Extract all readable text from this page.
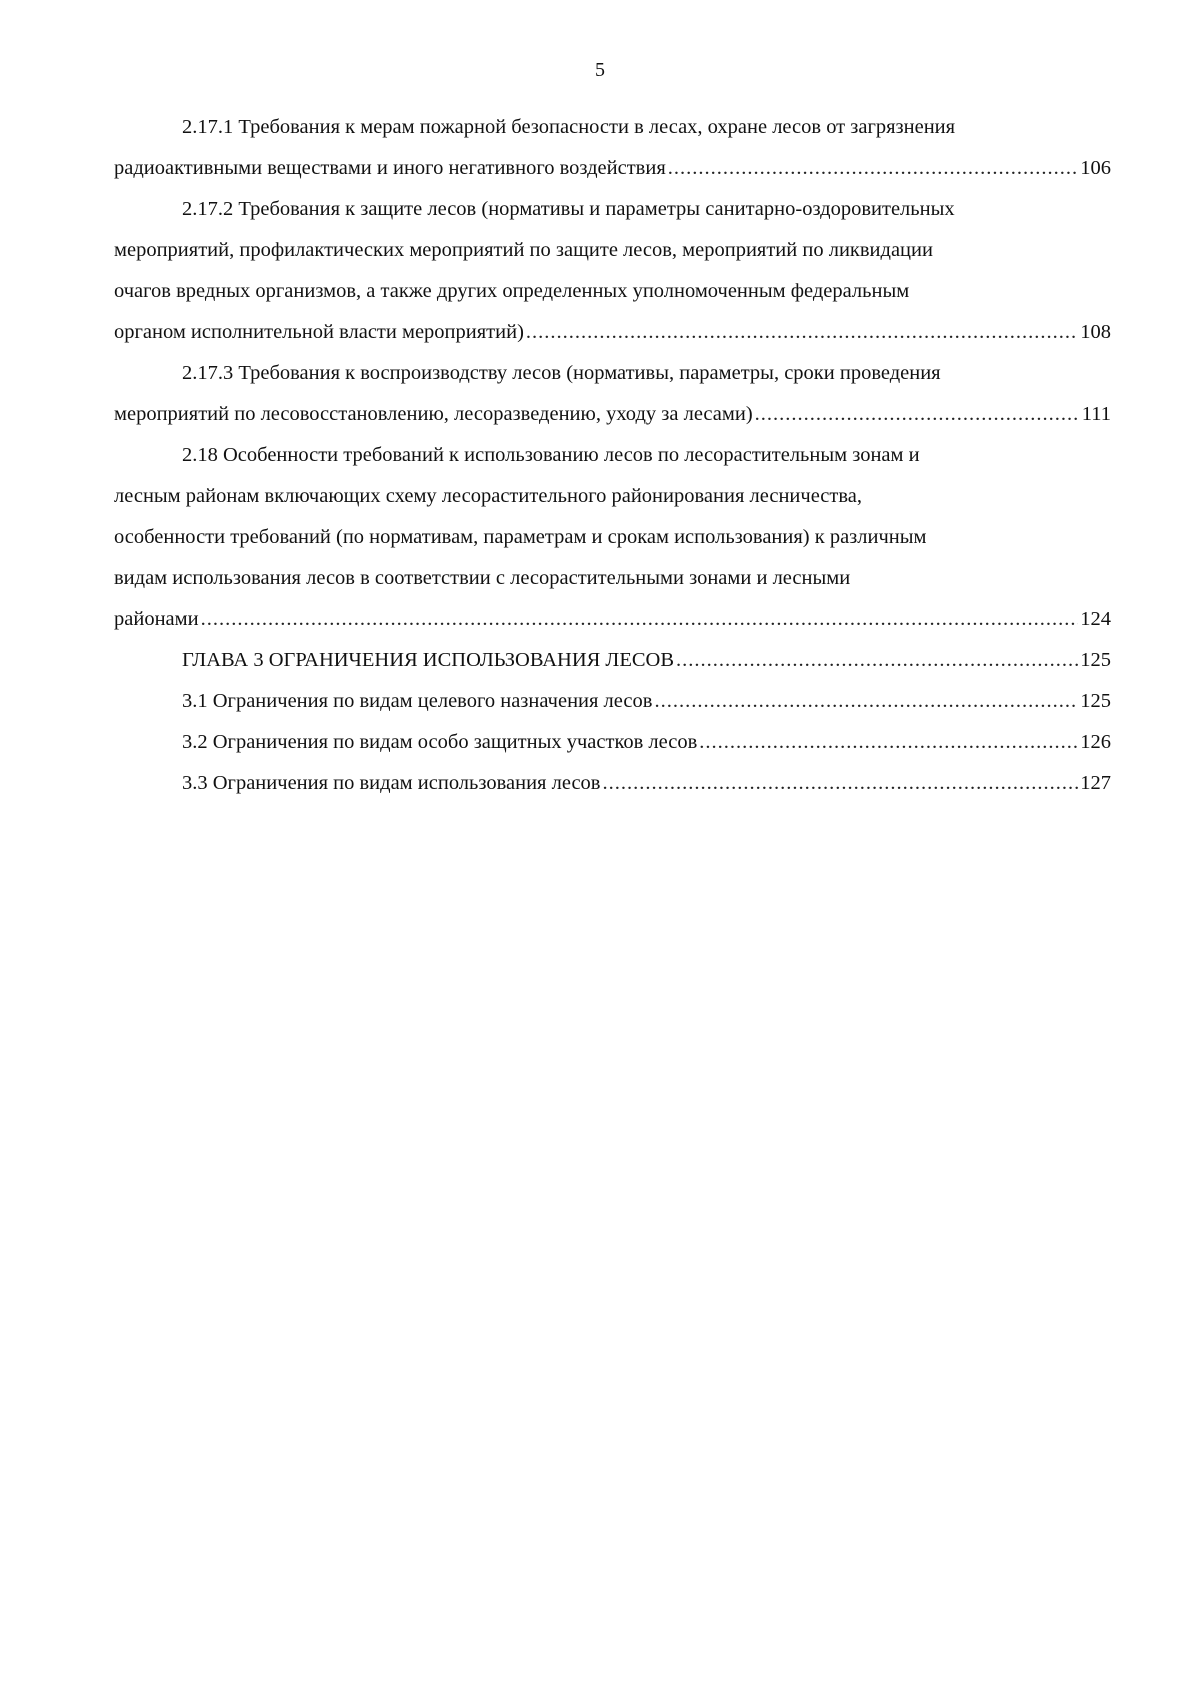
5
2.17.1 Требования к мерам пожарной безопасности в лесах, охране лесов от загрязнения
радиоактивными веществами и иного негативного воздействия .....	106
2.17.2 Требования к защите лесов (нормативы и параметры санитарно-оздоровительных
мероприятий, профилактических мероприятий по защите лесов, мероприятий по ликвидации
очагов вредных организмов, а также других определенных уполномоченным федеральным
органом исполнительной власти мероприятий) .....	108
2.17.3 Требования к воспроизводству лесов (нормативы, параметры, сроки проведения
мероприятий по лесовосстановлению, лесоразведению, уходу за лесами) .....	111
2.18 Особенности требований к использованию лесов по лесорастительным зонам и
лесным районам включающих схему лесорастительного районирования лесничества,
особенности требований (по нормативам, параметрам и срокам использования) к различным
видам использования лесов в соответствии с лесорастительными зонами и лесными
районами .....	124
ГЛАВА 3 ОГРАНИЧЕНИЯ ИСПОЛЬЗОВАНИЯ ЛЕСОВ .....	125
3.1 Ограничения по видам целевого назначения лесов .....	125
3.2 Ограничения по видам особо защитных участков лесов .....	126
3.3 Ограничения по видам использования лесов .....	127
